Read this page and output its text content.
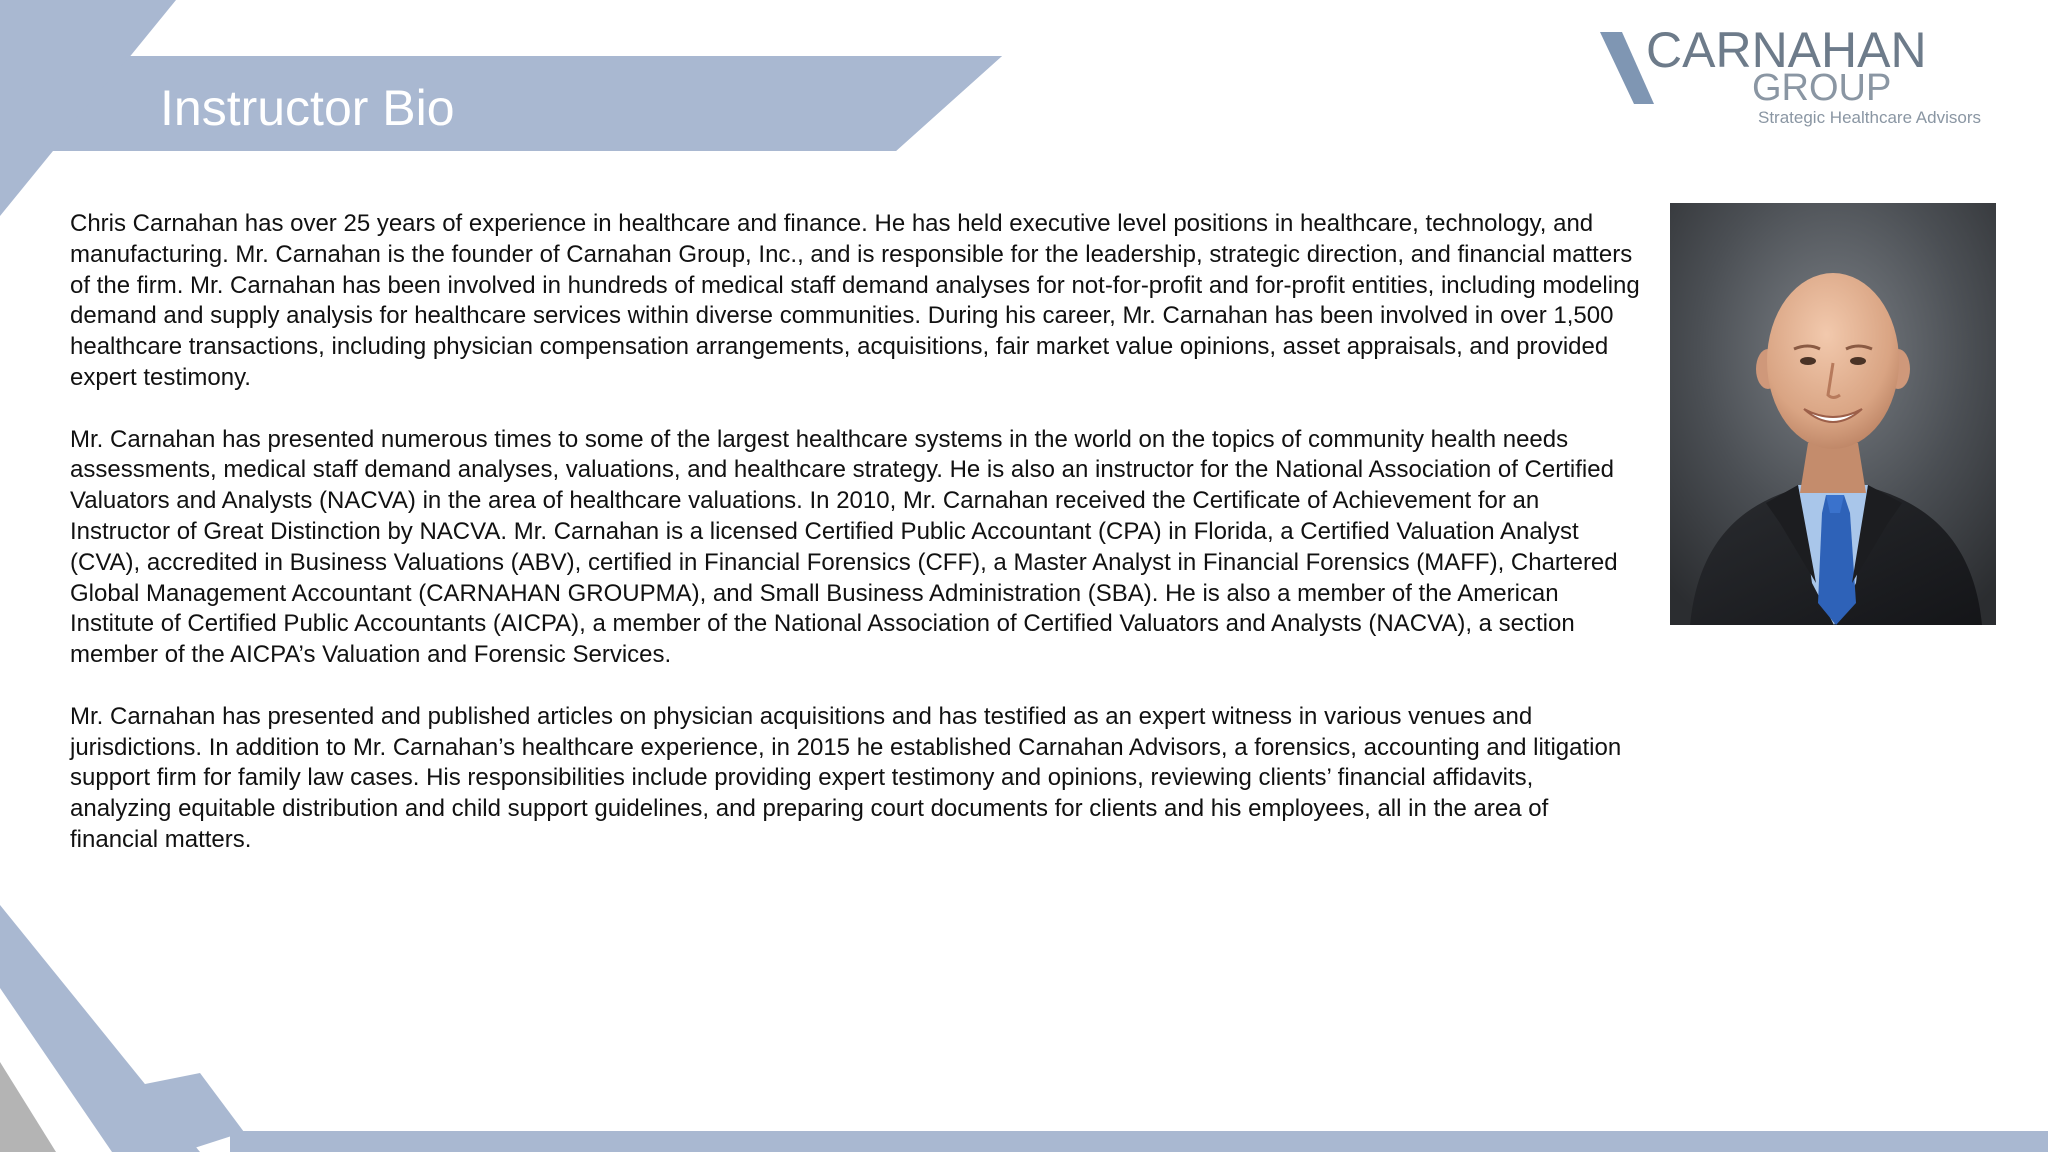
Instructor Bio
CARNAHAN
GROUP
Strategic Healthcare Advisors

Chris Carnahan has over 25 years of experience in healthcare and finance. He has held executive level positions in healthcare, technology, and manufacturing. Mr. Carnahan is the founder of Carnahan Group, Inc., and is responsible for the leadership, strategic direction, and financial matters of the firm. Mr. Carnahan has been involved in hundreds of medical staff demand analyses for not-for-profit and for-profit entities, including modeling demand and supply analysis for healthcare services within diverse communities. During his career, Mr. Carnahan has been involved in over 1,500 healthcare transactions, including physician compensation arrangements, acquisitions, fair market value opinions, asset appraisals, and provided expert testimony.

Mr. Carnahan has presented numerous times to some of the largest healthcare systems in the world on the topics of community health needs assessments, medical staff demand analyses, valuations, and healthcare strategy. He is also an instructor for the National Association of Certified Valuators and Analysts (NACVA) in the area of healthcare valuations. In 2010, Mr. Carnahan received the Certificate of Achievement for an Instructor of Great Distinction by NACVA. Mr. Carnahan is a licensed Certified Public Accountant (CPA) in Florida, a Certified Valuation Analyst (CVA), accredited in Business Valuations (ABV), certified in Financial Forensics (CFF), a Master Analyst in Financial Forensics (MAFF), Chartered Global Management Accountant (CARNAHAN GROUPMA), and Small Business Administration (SBA). He is also a member of the American Institute of Certified Public Accountants (AICPA), a member of the National Association of Certified Valuators and Analysts (NACVA), a section member of the AICPA’s Valuation and Forensic Services.

Mr. Carnahan has presented and published articles on physician acquisitions and has testified as an expert witness in various venues and jurisdictions. In addition to Mr. Carnahan’s healthcare experience, in 2015 he established Carnahan Advisors, a forensics, accounting and litigation support firm for family law cases. His responsibilities include providing expert testimony and opinions, reviewing clients’ financial affidavits, analyzing equitable distribution and child support guidelines, and preparing court documents for clients and his employees, all in the area of financial matters.
